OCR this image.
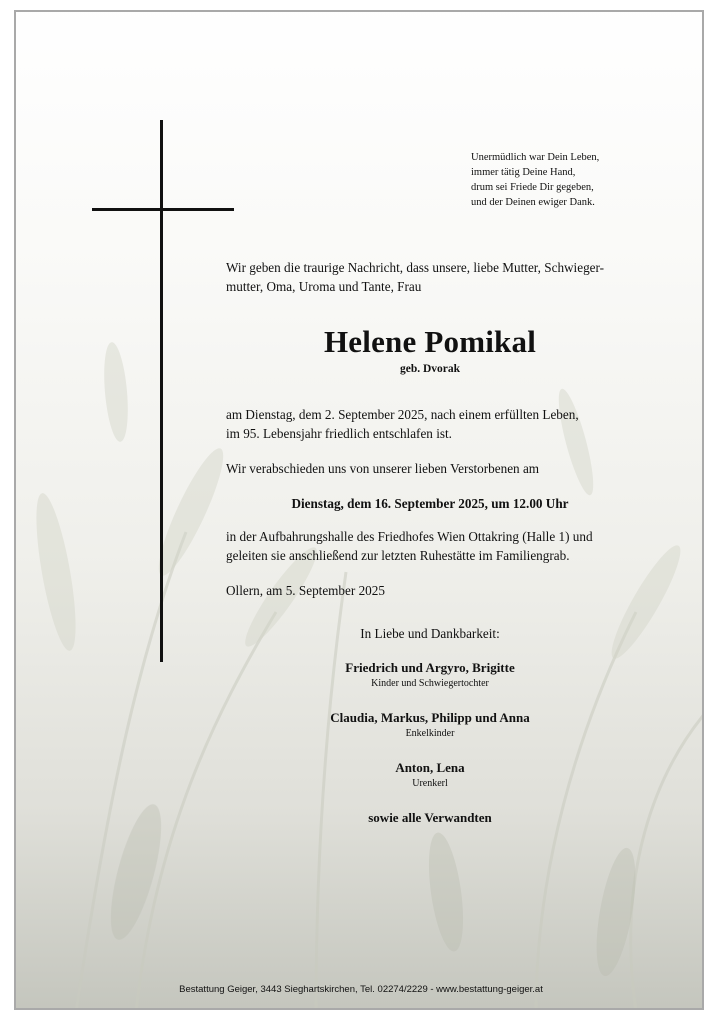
Unermüdlich war Dein Leben,
immer tätig Deine Hand,
drum sei Friede Dir gegeben,
und der Deinen ewiger Dank.
Wir geben die traurige Nachricht, dass unsere, liebe Mutter, Schwieger-
mutter, Oma, Uroma und Tante, Frau
Helene Pomikal
geb. Dvorak
am Dienstag, dem 2. September 2025, nach einem erfüllten Leben,
im 95. Lebensjahr friedlich entschlafen ist.
Wir verabschieden uns von unserer lieben Verstorbenen am
Dienstag, dem 16. September 2025, um 12.00 Uhr
in der Aufbahrungshalle des Friedhofes Wien Ottakring (Halle 1) und
geleiten sie anschließend zur letzten Ruhestätte im Familiengrab.
Ollern, am 5. September 2025
In Liebe und Dankbarkeit:
Friedrich und Argyro, Brigitte
Kinder und Schwiegertochter
Claudia, Markus, Philipp und Anna
Enkelkinder
Anton, Lena
Urenkerl
sowie alle Verwandten
Bestattung Geiger, 3443 Sieghartskirchen, Tel. 02274/2229 - www.bestattung-geiger.at
